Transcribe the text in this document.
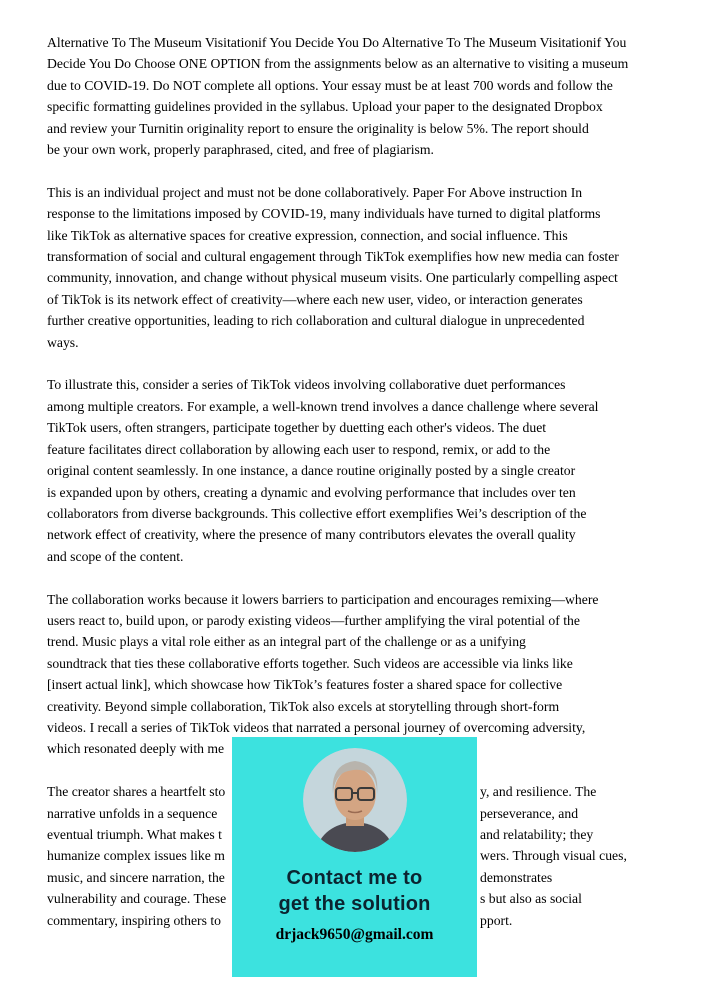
Alternative To The Museum Visitationif You Decide You Do Alternative To The Museum Visitationif You
Decide You Do Choose ONE OPTION from the assignments below as an alternative to visiting a museum
due to COVID-19. Do NOT complete all options. Your essay must be at least 700 words and follow the
specific formatting guidelines provided in the syllabus. Upload your paper to the designated Dropbox
and review your Turnitin originality report to ensure the originality is below 5%. The report should
be your own work, properly paraphrased, cited, and free of plagiarism.
This is an individual project and must not be done collaboratively. Paper For Above instruction In
response to the limitations imposed by COVID-19, many individuals have turned to digital platforms
like TikTok as alternative spaces for creative expression, connection, and social influence. This
transformation of social and cultural engagement through TikTok exemplifies how new media can foster
community, innovation, and change without physical museum visits. One particularly compelling aspect
of TikTok is its network effect of creativity—where each new user, video, or interaction generates
further creative opportunities, leading to rich collaboration and cultural dialogue in unprecedented
ways.
To illustrate this, consider a series of TikTok videos involving collaborative duet performances
among multiple creators. For example, a well-known trend involves a dance challenge where several
TikTok users, often strangers, participate together by duetting each other's videos. The duet
feature facilitates direct collaboration by allowing each user to respond, remix, or add to the
original content seamlessly. In one instance, a dance routine originally posted by a single creator
is expanded upon by others, creating a dynamic and evolving performance that includes over ten
collaborators from diverse backgrounds. This collective effort exemplifies Wei’s description of the
network effect of creativity, where the presence of many contributors elevates the overall quality
and scope of the content.
The collaboration works because it lowers barriers to participation and encourages remixing—where
users react to, build upon, or parody existing videos—further amplifying the viral potential of the
trend. Music plays a vital role either as an integral part of the challenge or as a unifying
soundtrack that ties these collaborative efforts together. Such videos are accessible via links like
[insert actual link], which showcase how TikTok’s features foster a shared space for collective
creativity. Beyond simple collaboration, TikTok also excels at storytelling through short-form
videos. I recall a series of TikTok videos that narrated a personal journey of overcoming adversity,
which resonated deeply with me
The creator shares a heartfelt sto	y, and resilience. The
narrative unfolds in a sequence	perseverance, and
eventual triumph. What makes t	and relatability; they
humanize complex issues like m	wers. Through visual cues,
music, and sincere narration, the	demonstrates
vulnerability and courage. These	s but also as social
commentary, inspiring others to	pport.
Contact me to
get the solution
drjack9650@gmail.com
